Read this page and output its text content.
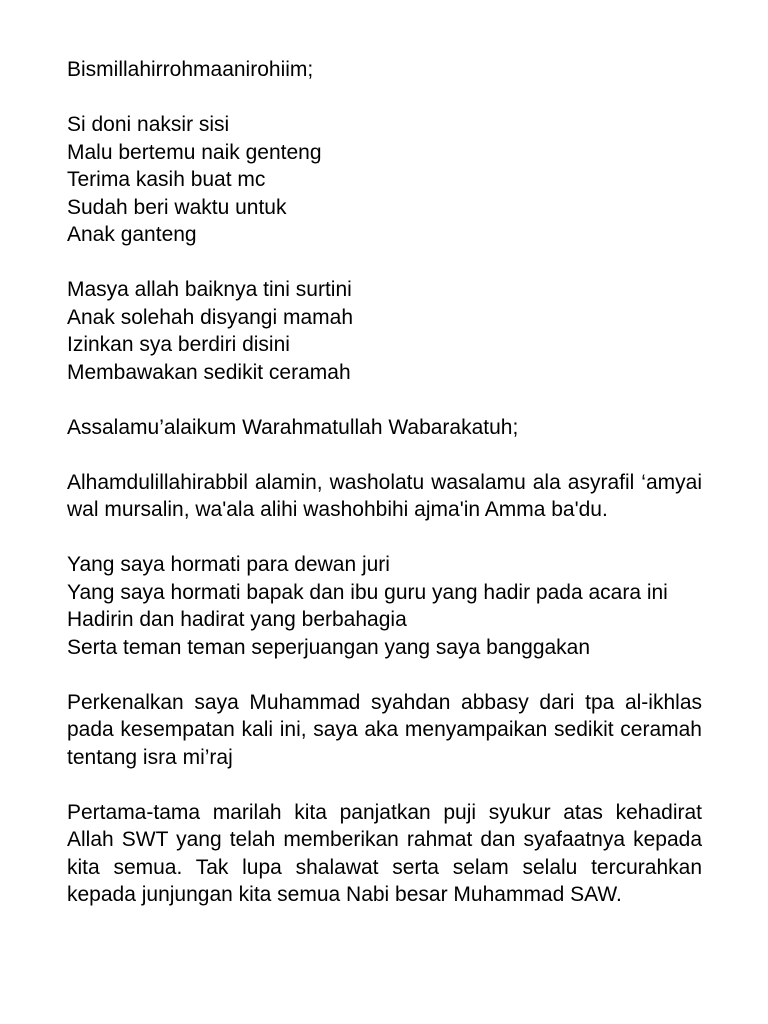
Bismillahirrohmaanirohiim;

Si doni naksir sisi
Malu bertemu naik genteng
Terima kasih buat mc
Sudah beri waktu untuk
Anak ganteng
Masya allah baiknya tini surtini
Anak solehah disyangi mamah
Izinkan sya berdiri disini
Membawakan sedikit ceramah

Assalamu’alaikum Warahmatullah Wabarakatuh;

Alhamdulillahirabbil alamin, washolatu wasalamu ala asyrafil ‘amyai wal mursalin, wa'ala alihi washohbihi ajma'in Amma ba'du.

Yang saya hormati para dewan juri
Yang saya hormati bapak dan ibu guru yang hadir pada acara ini
Hadirin dan hadirat yang berbahagia
Serta teman teman seperjuangan yang saya banggakan

Perkenalkan saya Muhammad syahdan abbasy dari tpa al-ikhlas pada kesempatan kali ini, saya aka menyampaikan sedikit ceramah tentang isra mi’raj

Pertama-tama marilah kita panjatkan puji syukur atas kehadirat Allah SWT yang telah memberikan rahmat dan syafaatnya kepada kita semua. Tak lupa shalawat serta selam selalu tercurahkan kepada junjungan kita semua Nabi besar Muhammad SAW.
